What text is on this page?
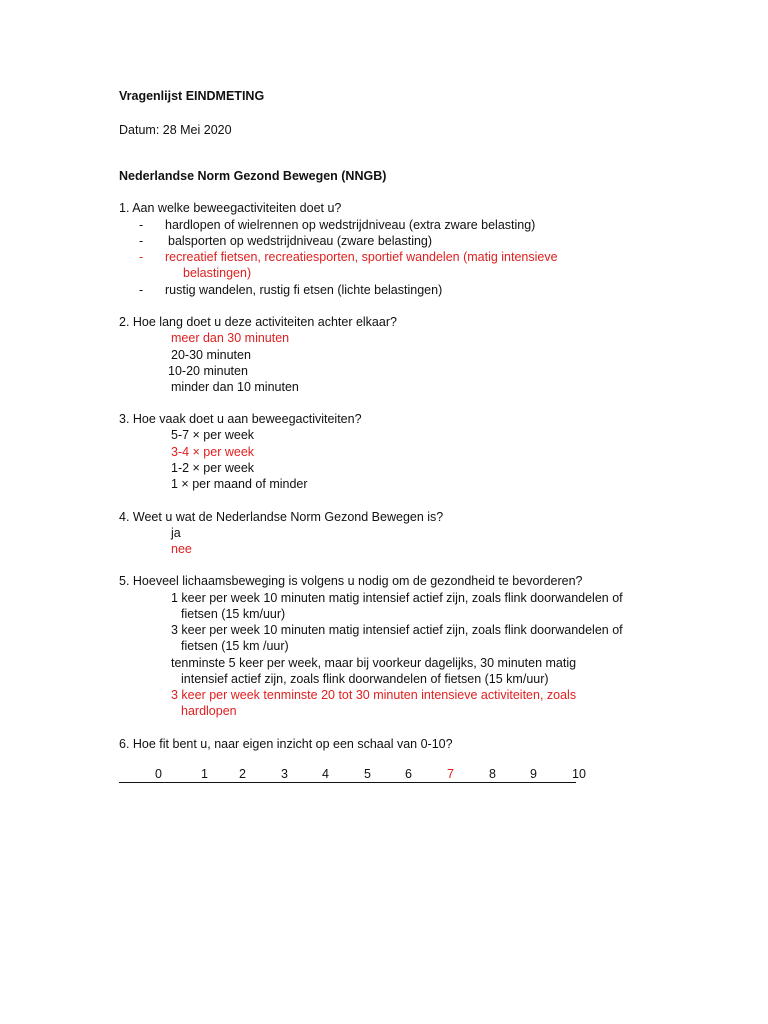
Vragenlijst EINDMETING
Datum: 28 Mei 2020
Nederlandse Norm Gezond Bewegen (NNGB)
1. Aan welke beweegactiviteiten doet u?
- hardlopen of wielrennen op wedstrijdniveau (extra zware belasting)
- balsporten op wedstrijdniveau (zware belasting)
- recreatief fietsen, recreatiesporten, sportief wandelen (matig intensieve
belastingen)
- rustig wandelen, rustig fi etsen (lichte belastingen)
2. Hoe lang doet u deze activiteiten achter elkaar?
meer dan 30 minuten
20-30 minuten
10-20 minuten
minder dan 10 minuten
3. Hoe vaak doet u aan beweegactiviteiten?
5-7 × per week
3-4 × per week
1-2 × per week
1 × per maand of minder
4. Weet u wat de Nederlandse Norm Gezond Bewegen is?
ja
nee
5. Hoeveel lichaamsbeweging is volgens u nodig om de gezondheid te bevorderen?
1 keer per week 10 minuten matig intensief actief zijn, zoals flink doorwandelen of
fietsen (15 km/uur)
3 keer per week 10 minuten matig intensief actief zijn, zoals flink doorwandelen of
fietsen (15 km /uur)
tenminste 5 keer per week, maar bij voorkeur dagelijks, 30 minuten matig
intensief actief zijn, zoals flink doorwandelen of fietsen (15 km/uur)
3 keer per week tenminste 20 tot 30 minuten intensieve activiteiten, zoals
hardlopen
6. Hoe fit bent u, naar eigen inzicht op een schaal van 0-10?
0	1 2	3	4	5	6	7	8	9	10
